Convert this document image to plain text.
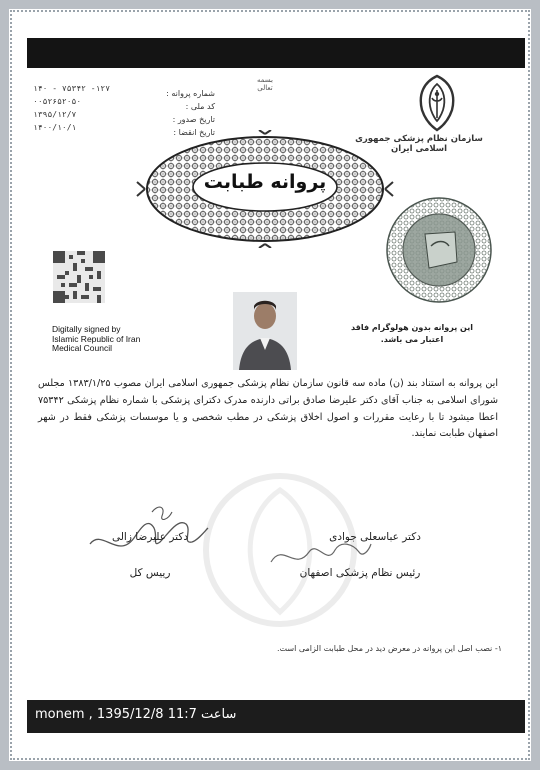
بسمه تعالی
شماره پروانه :
کد ملی :
تاریخ صدور :
تاریخ انقضا :
۱۴۰ - ۷۵۳۴۲ -۱۲۷
۰۰۵۲۶۵۲۰۵۰
۱۳۹۵/۱۲/۷
۱۴۰۰/۱۰/۱
سازمان نظام پزشکی جمهوری اسلامی ایران
پروانه طبابت
Digitally signed by
Islamic Republic of Iran
Medical Council
این پروانه بدون هولوگرام فاقد
اعتبار می باشد.
این پروانه به استناد بند (ن) ماده سه قانون سازمان نظام پزشکی جمهوری اسلامی ایران مصوب ۱۳۸۳/۱/۲۵ مجلس شورای اسلامی به جناب آقای دکتر علیرضا صادق براتی دارنده مدرک دکترای پزشکی با شماره نظام پزشکی ۷۵۳۴۲ اعطا میشود تا با رعایت مقررات و اصول اخلاق پزشکی در مطب شخصی و یا موسسات پزشکی فقط در شهر اصفهان طبابت نمایند.
دکتر علیرضا زالی
رییس کل
دکتر عباسعلی جوادی
رئیس نظام پزشکی اصفهان
۱- نصب اصل این پروانه در معرض دید در محل طبابت الزامی است.
monem , 1395/12/8 11:7 ساعت
